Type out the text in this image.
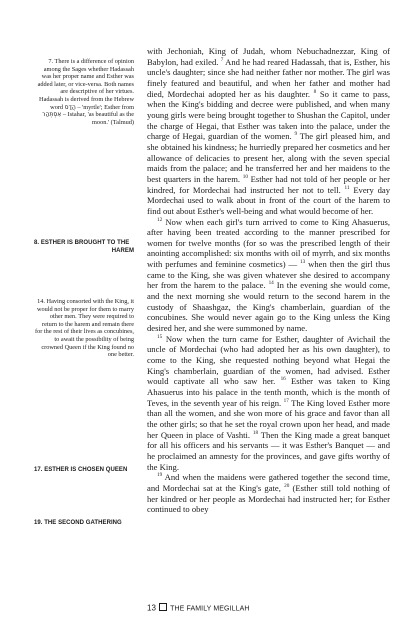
7. There is a difference of opinion among the Sages whether Hadassah was her proper name and Esther was added later, or vice-versa. Both names are descriptive of her virtues.

Hadassah is derived from the Hebrew word הֲדַס – 'myrtle'; Esther from אִסְתְּהַר – Istahar, 'as beautiful as the moon.' (Talmud)

8. ESTHER IS BROUGHT TO THE
HAREM

14. Having consorted with the King, it would not be proper for them to marry other men. They were required to return to the harem and remain there for the rest of their lives as concubines, to await the possibility of being crowned Queen if the King found no one better.

17. ESTHER IS CHOSEN QUEEN
19. THE SECOND GATHERING

with Jechoniah, King of Judah, whom Nebuchadnezzar, King of Babylon, had exiled. $^7$ And he had reared Hadassah, that is, Esther, his uncle's daughter; since she had neither father nor mother. The girl was finely featured and beautiful, and when her father and mother had died, Mordechai adopted her as his daughter. $^8$ So it came to pass, when the King's bidding and decree were published, and when many young girls were being brought together to Shushan the Capitol, under the charge of Hegai, that Esther was taken into the palace, under the charge of Hegai, guardian of the women. $^9$ The girl pleased him, and she obtained his kindness; he hurriedly prepared her cosmetics and her allowance of delicacies to present her, along with the seven special maids from the palace; and he transferred her and her maidens to the best quarters in the harem. $^{10}$ Esther had not told of her people or her kindred, for Mordechai had instructed her not to tell. $^{11}$ Every day Mordechai used to walk about in front of the court of the harem to find out about Esther's well-being and what would become of her.

$^{12}$ Now when each girl's turn arrived to come to King Ahasuerus, after having been treated according to the manner prescribed for women for twelve months (for so was the prescribed length of their anointing accomplished: six months with oil of myrrh, and six months with perfumes and feminine cosmetics) — $^{13}$ when then the girl thus came to the King, she was given whatever she desired to accompany her from the harem to the palace. $^{14}$ In the evening she would come, and the next morning she would return to the second harem in the custody of Shaashgaz, the King's chamberlain, guardian of the concubines. She would never again go to the King unless the King desired her, and she were summoned by name.

$^{15}$ Now when the turn came for Esther, daughter of Avichail the uncle of Mordechai (who had adopted her as his own daughter), to come to the King, she requested nothing beyond what Hegai the King's chamberlain, guardian of the women, had advised. Esther would captivate all who saw her. $^{16}$ Esther was taken to King Ahasuerus into his palace in the tenth month, which is the month of Teves, in the seventh year of his reign. $^{17}$ The King loved Esther more than all the women, and she won more of his grace and favor than all the other girls; so that he set the royal crown upon her head, and made her Queen in place of Vashti. $^{18}$ Then the King made a great banquet for all his officers and his servants — it was Esther's Banquet — and he proclaimed an amnesty for the provinces, and gave gifts worthy of the King.

$^{19}$ And when the maidens were gathered together the second time, and Mordechai sat at the King's gate, $^{20}$ (Esther still told nothing of her kindred or her people as Mordechai had instructed her; for Esther continued to obey

13 THE FAMILY MEGILLAH
